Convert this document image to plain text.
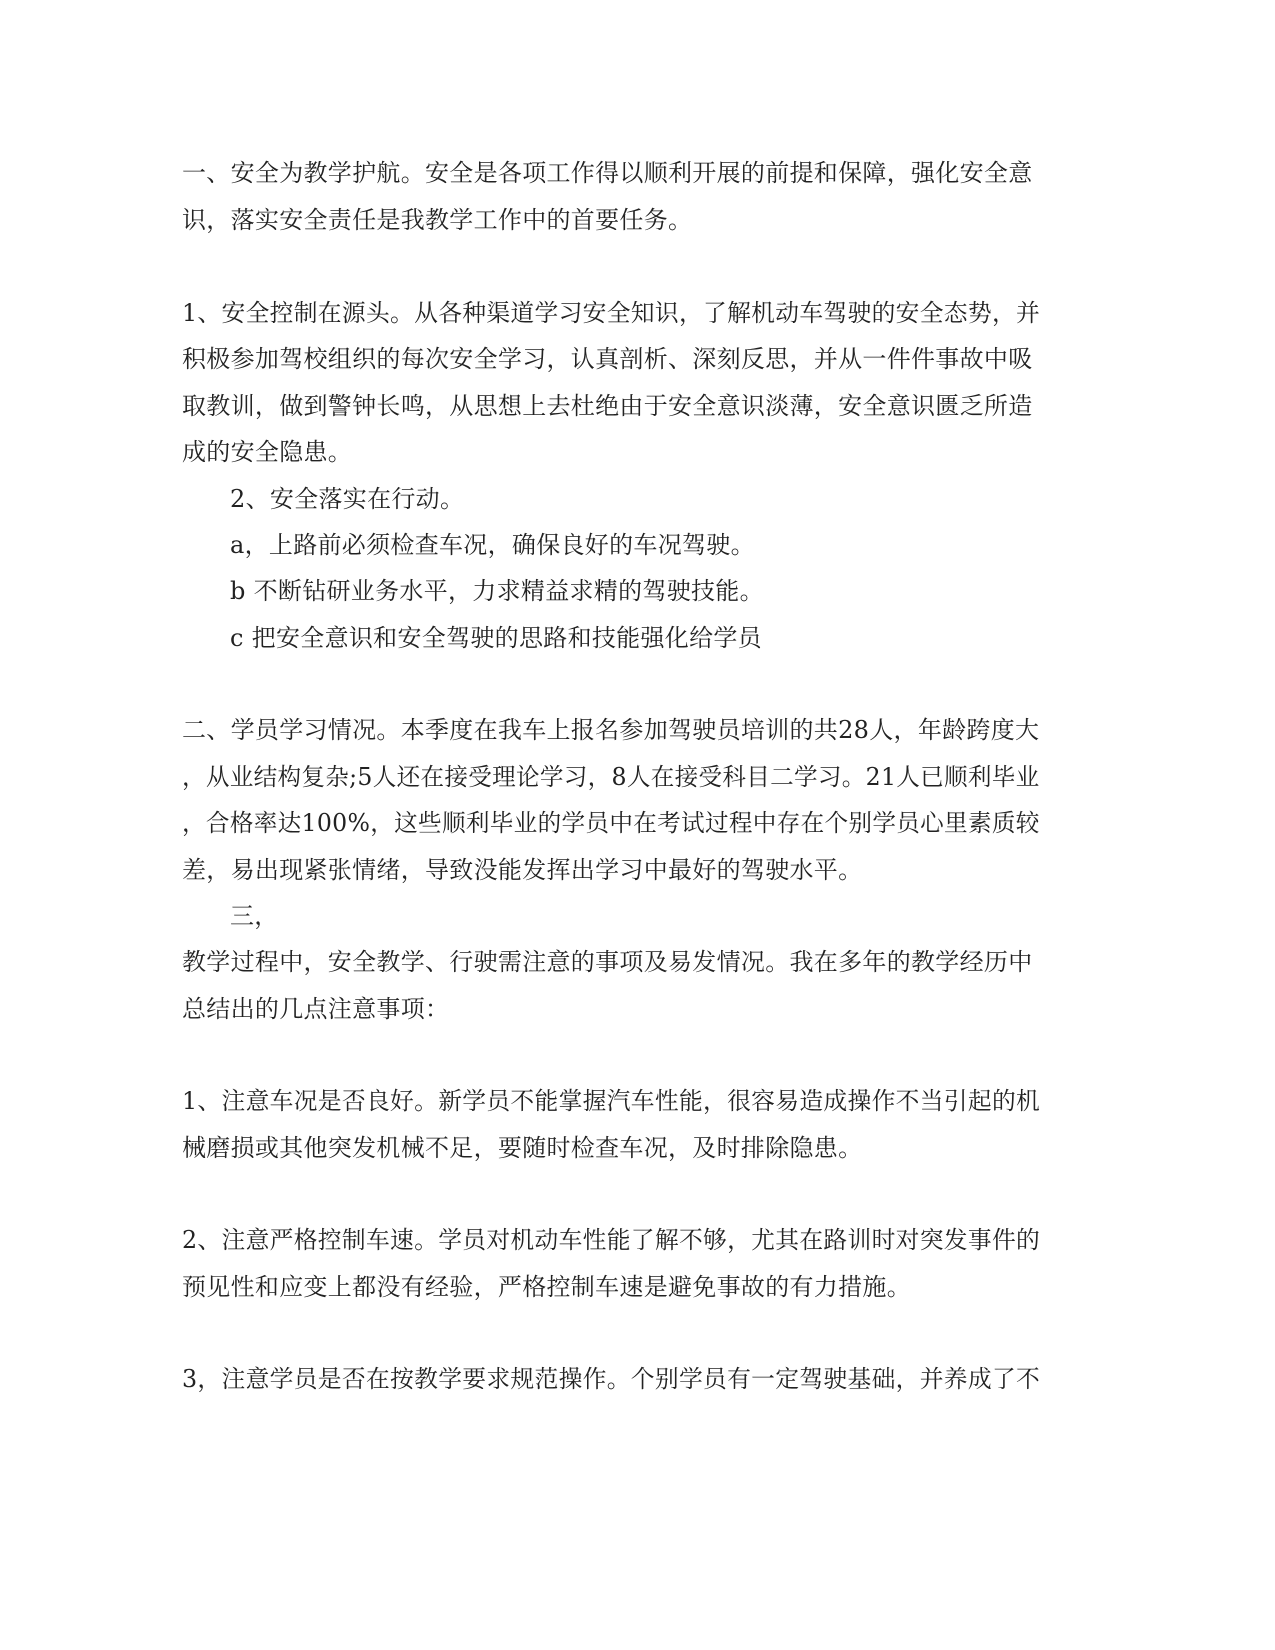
一、安全为教学护航。安全是各项工作得以顺利开展的前提和保障，强化安全意
识，落实安全责任是我教学工作中的首要任务。
1、安全控制在源头。从各种渠道学习安全知识，了解机动车驾驶的安全态势，并
积极参加驾校组织的每次安全学习，认真剖析、深刻反思，并从一件件事故中吸
取教训，做到警钟长鸣，从思想上去杜绝由于安全意识淡薄，安全意识匮乏所造
成的安全隐患。
2、安全落实在行动。
a，上路前必须检查车况，确保良好的车况驾驶。
b 不断钻研业务水平，力求精益求精的驾驶技能。
c 把安全意识和安全驾驶的思路和技能强化给学员
二、学员学习情况。本季度在我车上报名参加驾驶员培训的共28人，年龄跨度大
，从业结构复杂;5人还在接受理论学习，8人在接受科目二学习。21人已顺利毕业
，合格率达100%，这些顺利毕业的学员中在考试过程中存在个别学员心里素质较
差，易出现紧张情绪，导致没能发挥出学习中最好的驾驶水平。
三，
教学过程中，安全教学、行驶需注意的事项及易发情况。我在多年的教学经历中
总结出的几点注意事项：
1、注意车况是否良好。新学员不能掌握汽车性能，很容易造成操作不当引起的机
械磨损或其他突发机械不足，要随时检查车况，及时排除隐患。
2、注意严格控制车速。学员对机动车性能了解不够，尤其在路训时对突发事件的
预见性和应变上都没有经验，严格控制车速是避免事故的有力措施。
3，注意学员是否在按教学要求规范操作。个别学员有一定驾驶基础，并养成了不
